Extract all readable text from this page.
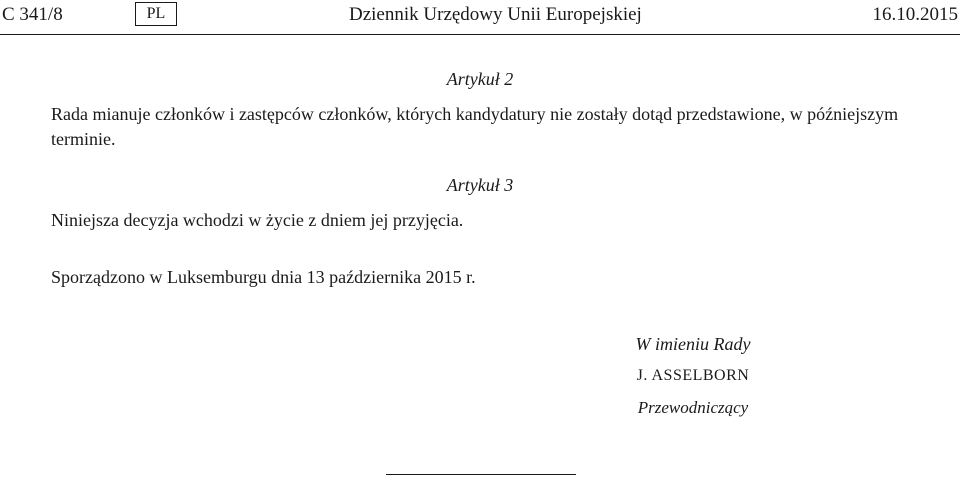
C 341/8	PL	Dziennik Urzędowy Unii Europejskiej	16.10.2015
Artykuł 2
Rada mianuje członków i zastępców członków, których kandydatury nie zostały dotąd przedstawione, w późniejszym terminie.
Artykuł 3
Niniejsza decyzja wchodzi w życie z dniem jej przyjęcia.
Sporządzono w Luksemburgu dnia 13 października 2015 r.
W imieniu Rady
J. ASSELBORN
Przewodniczący
